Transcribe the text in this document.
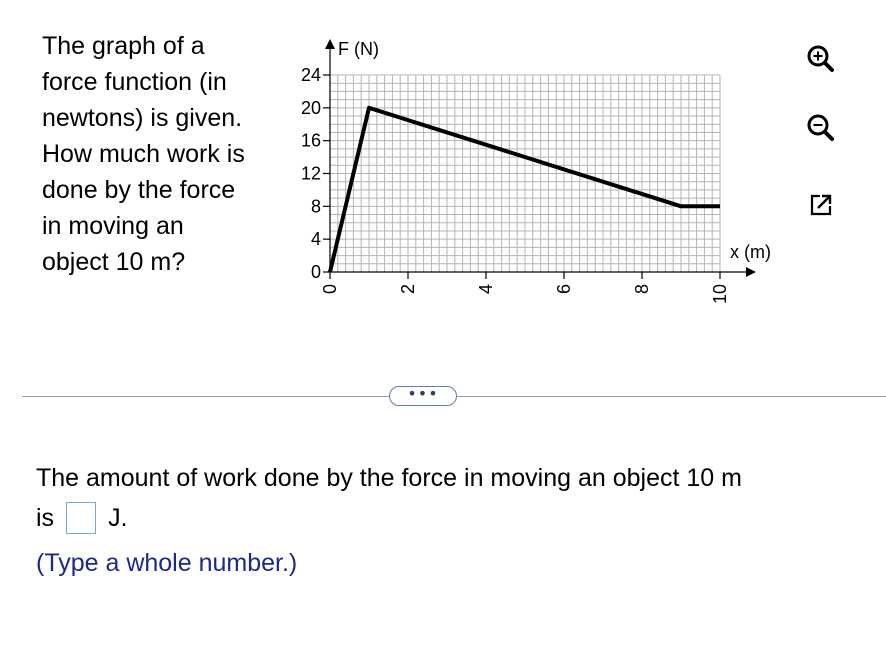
The graph of a
force function (in
newtons) is given.
How much work is
done by the force
in moving an
object 10 m?
F (N)
x (m)
0
4
8
12
16
20
24
0	2	4	6	8	10
•••
The amount of work done by the force in moving an object 10 m
is J.
(Type a whole number.)
